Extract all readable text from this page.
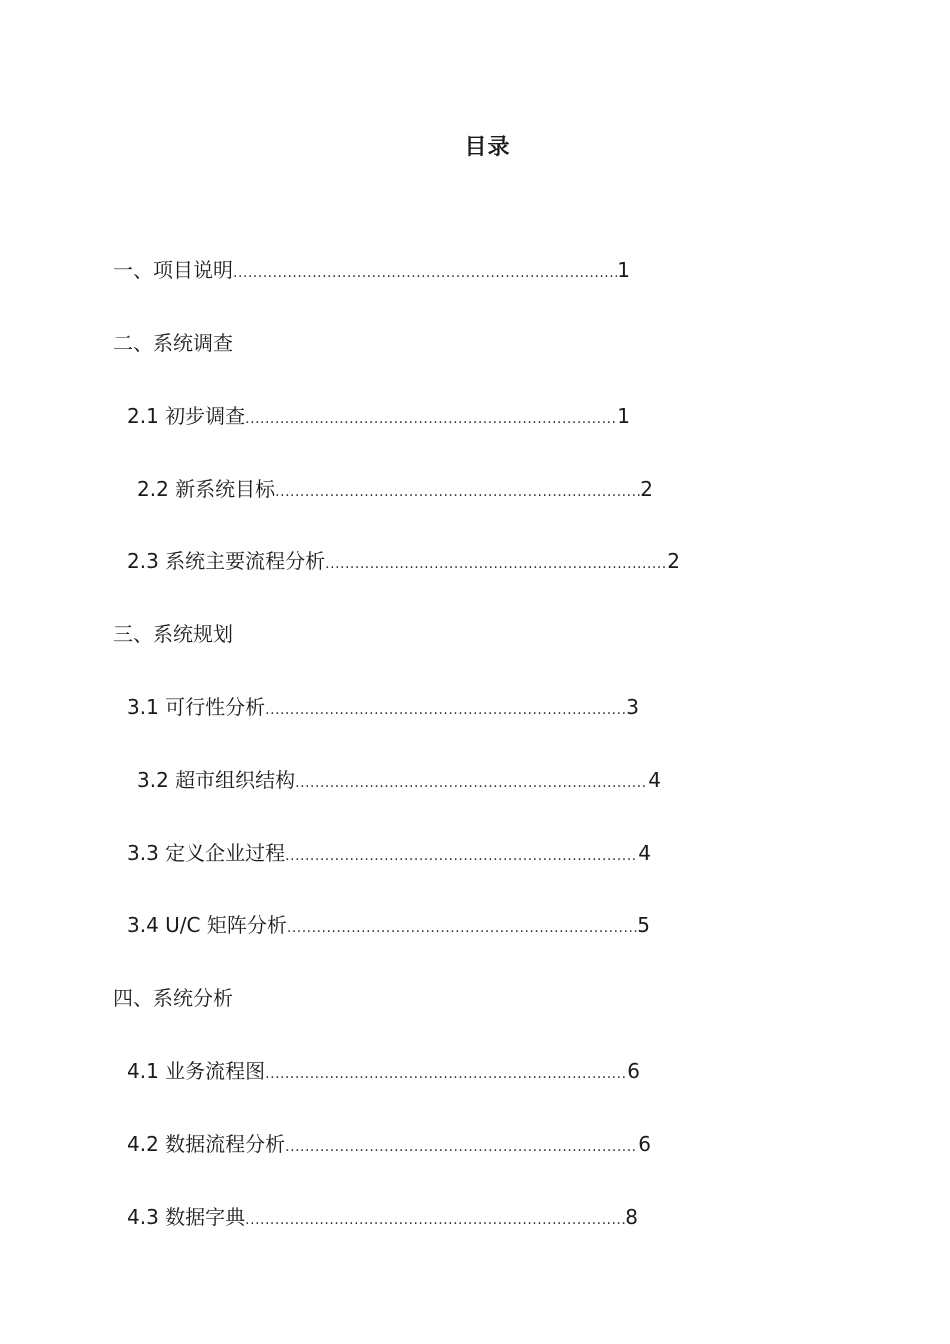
目录
一、项目说明 .....	1
二、系统调查
2.1 初步调查 .....	1
2.2 新系统目标 .....	2
2.3 系统主要流程分析 .....	2
三、系统规划
3.1 可行性分析 .....	3
3.2 超市组织结构 .....	4
3.3 定义企业过程 .....	4
3.4 U/C 矩阵分析 .....	5
四、系统分析
4.1 业务流程图 .....	6
4.2 数据流程分析 .....	6
4.3 数据字典 .....	8
